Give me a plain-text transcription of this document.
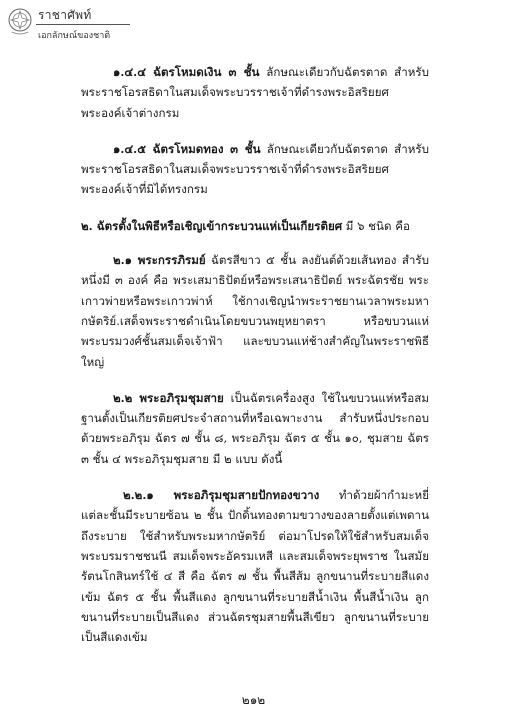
ราชาศัพท์
เอกลักษณ์ของชาติ

๑.๔.๔ ฉัตรโหมดเงิน ๓ ชั้น ลักษณะเดียวกับฉัตรตาด สำหรับพระราชโอรสธิดาในสมเด็จพระบวรราชเจ้าที่ดำรงพระอิสริยยศพระองค์เจ้าต่างกรม

๑.๔.๕ ฉัตรโหมดทอง ๓ ชั้น ลักษณะเดียวกับฉัตรตาด สำหรับพระราชโอรสธิดาในสมเด็จพระบวรราชเจ้าที่ดำรงพระอิสริยยศพระองค์เจ้าที่มิได้ทรงกรม

๒. ฉัตรตั้งในพิธีหรือเชิญเข้ากระบวนแห่เป็นเกียรติยศ มี ๖ ชนิด คือ

๒.๑ พระกรรภิรมย์ ฉัตรสีขาว ๕ ชั้น ลงยันต์ด้วยเส้นทอง สำรับหนึ่งมี ๓ องค์ คือ พระเสมาธิปัตย์หรือพระเสนาธิปัตย์ พระฉัตรชัย พระเกาวพ่ายหรือพระเกาวพ่าห์ ใช้กางเชิญนำพระราชยานเวลาพระมหากษัตริย์.เสด็จพระราชดำเนินโดยขบวนพยุหยาตรา หรือขบวนแห่พระบรมวงศ์ชั้นสมเด็จเจ้าฟ้า และขบวนแห่ช้างสำคัญในพระราชพิธีใหญ่

๒.๒ พระอภิรุมชุมสาย เป็นฉัตรเครื่องสูง ใช้ในขบวนแห่หรือสมฐานตั้งเป็นเกียรติยศประจำสถานที่หรือเฉพาะงาน สำรับหนึ่งประกอบด้วยพระอภิรุม ฉัตร ๗ ชั้น ๘, พระอภิรุม ฉัตร ๕ ชั้น ๑๐, ชุมสาย ฉัตร ๓ ชั้น ๔ พระอภิรุมชุมสาย มี ๒ แบบ ดังนี้

๒.๒.๑ พระอภิรุมชุมสายปักทองขวาง ทำด้วยผ้ากำมะหยี่ แต่ละชั้นมีระบายซ้อน ๒ ชั้น ปักดิ้นทองตามขวางของลายตั้งแต่เพดานถึงระบาย ใช้สำหรับพระมหากษัตริย์ ต่อมาโปรดให้ใช้สำหรับสมเด็จพระบรมราชชนนี สมเด็จพระอัครมเหสี และสมเด็จพระยุพราช ในสมัยรัตนโกสินทร์ใช้ ๔ สี คือ ฉัตร ๗ ชั้น พื้นสีส้ม ลูกขนานที่ระบายสีแดงเข้ม ฉัตร ๕ ชั้น พื้นสีแดง ลูกขนานที่ระบายสีน้ำเงิน พื้นสีน้ำเงิน ลูกขนานที่ระบายเป็นสีแดง ส่วนฉัตรชุมสายพื้นสีเขียว ลูกขนานที่ระบายเป็นสีแดงเข้ม

๒๑๒
